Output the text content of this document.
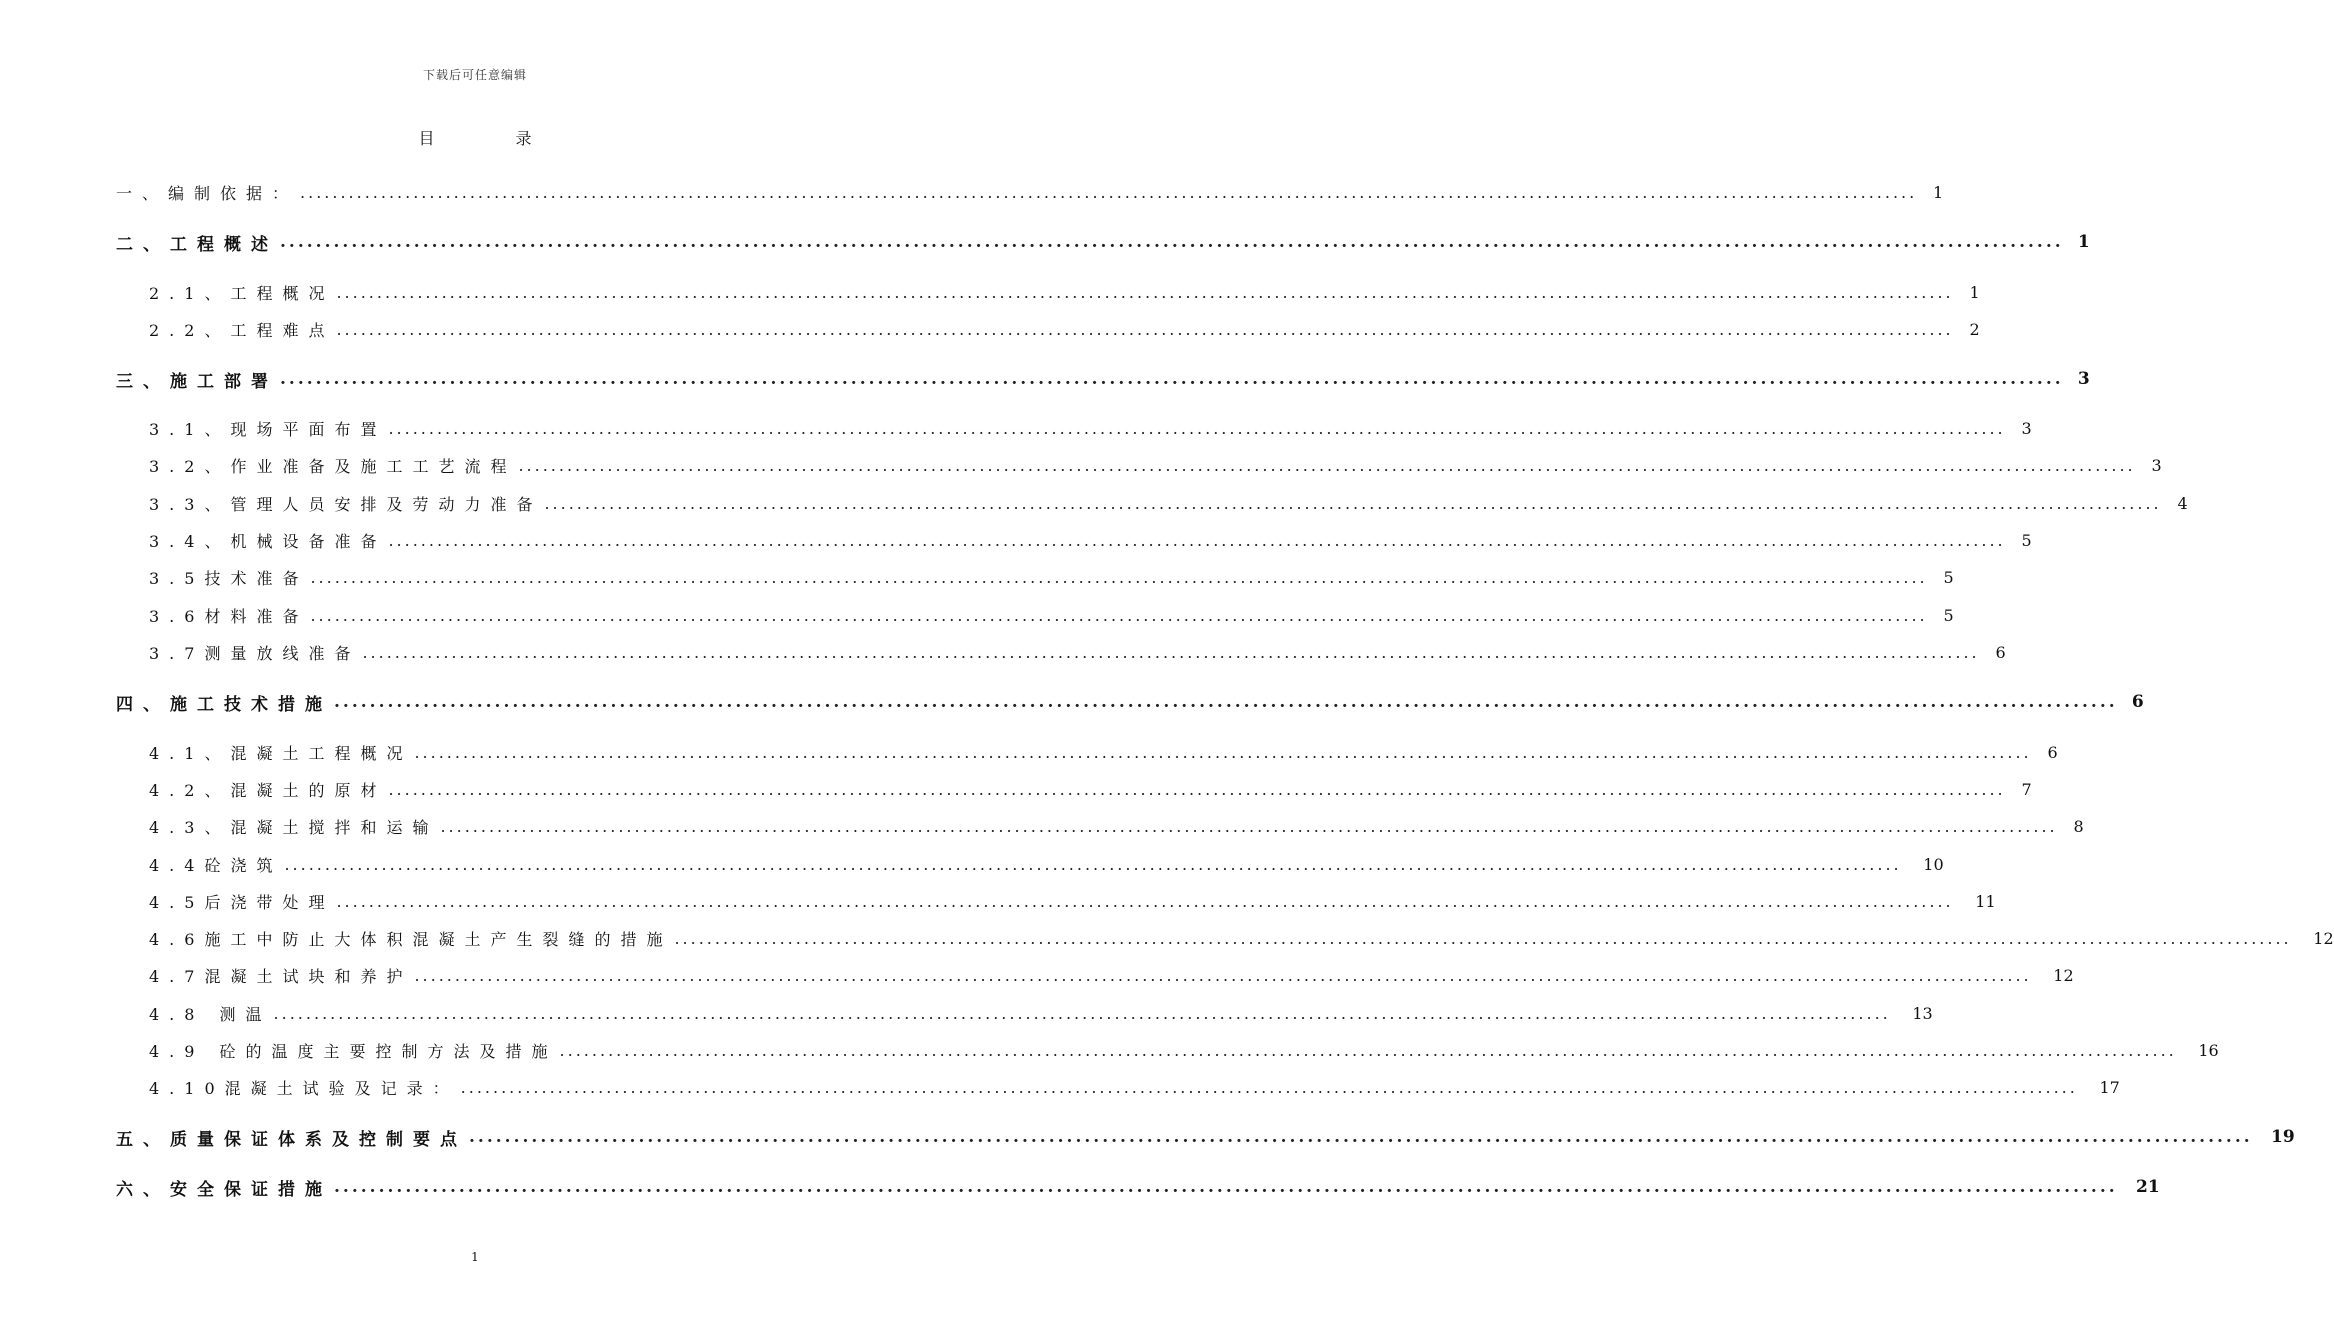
下载后可任意编辑
目	录
一、编制依据： ........................................................................................................................................................................................................ 1
二、工程概述 ........................................................................................................................................................................................................ 1
2.1、工程概况 ........................................................................................................................................................................................................ 1
2.2、工程难点 ........................................................................................................................................................................................................ 2
三、施工部署 ........................................................................................................................................................................................................ 3
3.1、现场平面布置 ........................................................................................................................................................................................................ 3
3.2、作业准备及施工工艺流程 ........................................................................................................................................................................................................ 3
3.3、管理人员安排及劳动力准备 ........................................................................................................................................................................................................ 4
3.4、机械设备准备 ........................................................................................................................................................................................................ 5
3.5技术准备 ........................................................................................................................................................................................................ 5
3.6材料准备 ........................................................................................................................................................................................................ 5
3.7测量放线准备 ........................................................................................................................................................................................................ 6
四、施工技术措施 ........................................................................................................................................................................................................ 6
4.1、混凝土工程概况 ........................................................................................................................................................................................................ 6
4.2、混凝土的原材 ........................................................................................................................................................................................................ 7
4.3、混凝土搅拌和运输 ........................................................................................................................................................................................................ 8
4.4砼浇筑 ........................................................................................................................................................................................................	10
4.5后浇带处理 ........................................................................................................................................................................................................	11
4.6施工中防止大体积混凝土产生裂缝的措施 ........................................................................................................................................................................................................	12
4.7混凝土试块和养护 ........................................................................................................................................................................................................	12
4.8 测温 ........................................................................................................................................................................................................	13
4.9 砼的温度主要控制方法及措施 ........................................................................................................................................................................................................	16
4.10混凝土试验及记录： ........................................................................................................................................................................................................	17
五、质量保证体系及控制要点 ........................................................................................................................................................................................................ 19
六、安全保证措施 ........................................................................................................................................................................................................ 21
1
